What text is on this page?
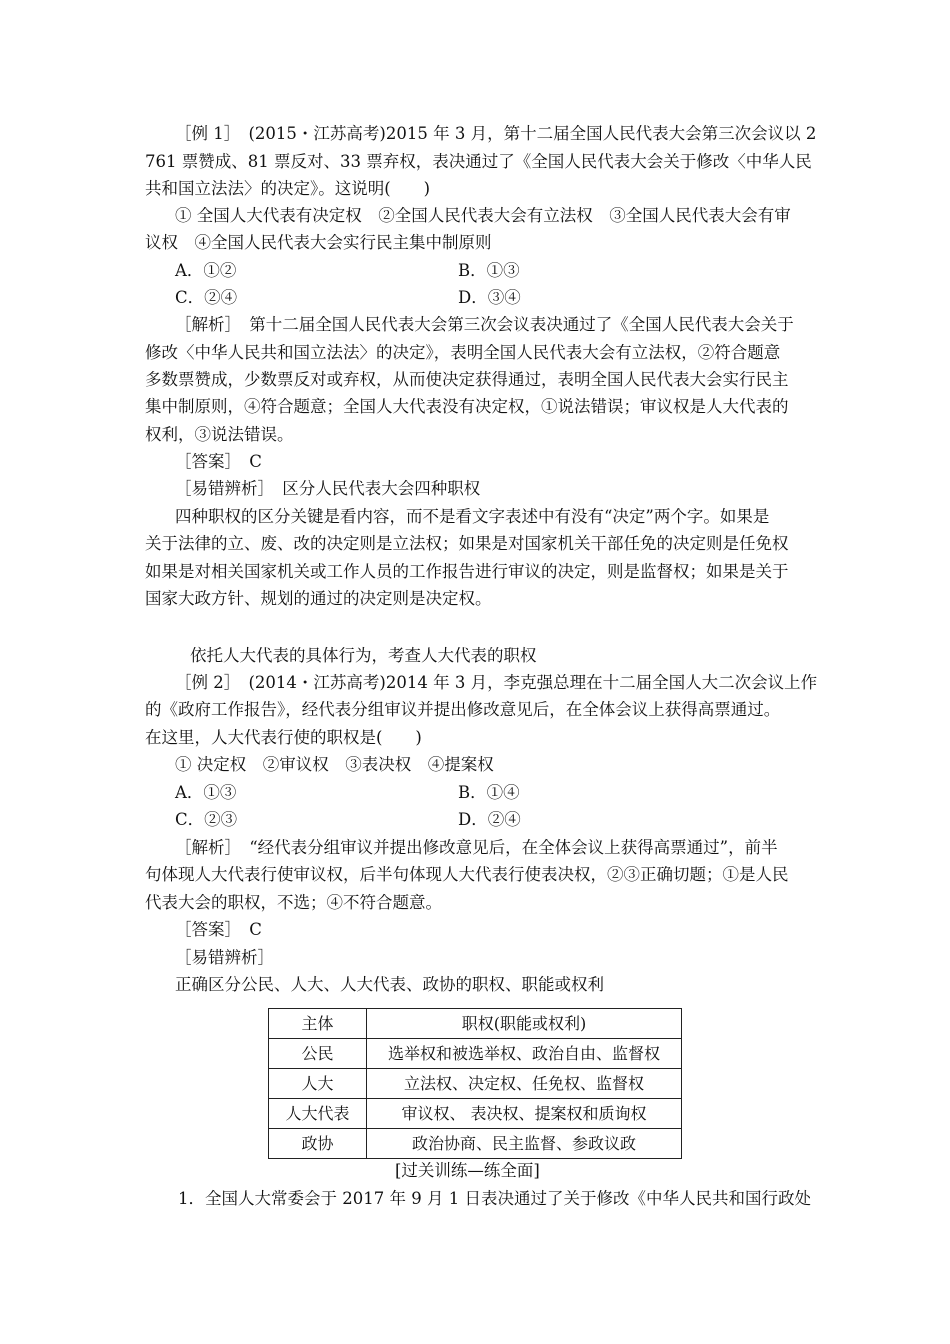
［例 1］　(2015・江苏高考)2015 年 3 月，第十二届全国人民代表大会第三次会议以 2
761 票赞成、81 票反对、33 票弃权，表决通过了《全国人民代表大会关于修改〈中华人民
共和国立法法〉的决定》。这说明(　　)
① 全国人大代表有决定权　②全国人民代表大会有立法权　③全国人民代表大会有审
议权　④全国人民代表大会实行民主集中制原则
A．①②	B．①③
C．②④	D．③④
［解析］　第十二届全国人民代表大会第三次会议表决通过了《全国人民代表大会关于
修改〈中华人民共和国立法法〉的决定》，表明全国人民代表大会有立法权，②符合题意
多数票赞成，少数票反对或弃权，从而使决定获得通过，表明全国人民代表大会实行民主
集中制原则，④符合题意；全国人大代表没有决定权，①说法错误；审议权是人大代表的
权利，③说法错误。
［答案］　C
［易错辨析］　区分人民代表大会四种职权
四种职权的区分关键是看内容，而不是看文字表述中有没有“决定”两个字。如果是
关于法律的立、废、改的决定则是立法权；如果是对国家机关干部任免的决定则是任免权
如果是对相关国家机关或工作人员的工作报告进行审议的决定，则是监督权；如果是关于
国家大政方针、规划的通过的决定则是决定权。
依托人大代表的具体行为，考查人大代表的职权
［例 2］　(2014・江苏高考)2014 年 3 月，李克强总理在十二届全国人大二次会议上作
的《政府工作报告》，经代表分组审议并提出修改意见后，在全体会议上获得高票通过。
在这里，人大代表行使的职权是(　　)
① 决定权　②审议权　③表决权　④提案权
A．①③	B．①④
C．②③	D．②④
［解析］　“经代表分组审议并提出修改意见后，在全体会议上获得高票通过”，前半
句体现人大代表行使审议权，后半句体现人大代表行使表决权，②③正确切题；①是人民
代表大会的职权，不选；④不符合题意。
［答案］　C
［易错辨析］
正确区分公民、人大、人大代表、政协的职权、职能或权利
主体	职权(职能或权利)
公民	选举权和被选举权、政治自由、监督权
人大	立法权、决定权、任免权、监督权
人大代表	审议权、 表决权、提案权和质询权
政协	政治协商、民主监督、参政议政
[过关训练—练全面]
1．全国人大常委会于 2017 年 9 月 1 日表决通过了关于修改《中华人民共和国行政处
